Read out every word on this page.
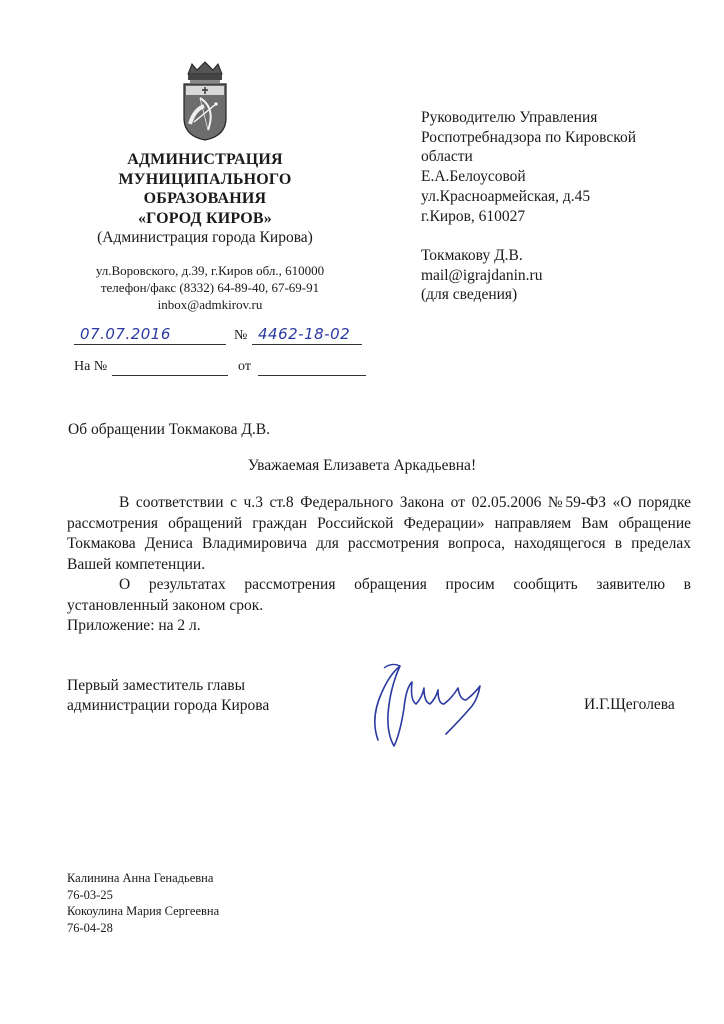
АДМИНИСТРАЦИЯ
МУНИЦИПАЛЬНОГО
ОБРАЗОВАНИЯ
«ГОРОД КИРОВ»
(Администрация города Кирова)
ул.Воровского, д.39, г.Киров обл., 610000
телефон/факс (8332) 64-89-40, 67-69-91
inbox@admkirov.ru
07.07.2016	№ 4462-18-02
На №	от
Руководителю Управления
Роспотребнадзора по Кировской
области
Е.А.Белоусовой
ул.Красноармейская, д.45
г.Киров, 610027
Токмакову Д.В.
mail@igrajdanin.ru
(для сведения)
Об обращении Токмакова Д.В.
Уважаемая Елизавета Аркадьевна!

В соответствии с ч.3 ст.8 Федерального Закона от 02.05.2006 №59-ФЗ «О порядке рассмотрения обращений граждан Российской Федерации» направляем Вам обращение Токмакова Дениса Владимировича для рассмотрения вопроса, находящегося в пределах Вашей компетенции.

О результатах рассмотрения обращения просим сообщить заявителю в установленный законом срок.

Приложение: на 2 л.

Первый заместитель главы
администрации города Кирова	И.Г.Щеголева
Калинина Анна Генадьевна
76-03-25
Кокоулина Мария Сергеевна
76-04-28
